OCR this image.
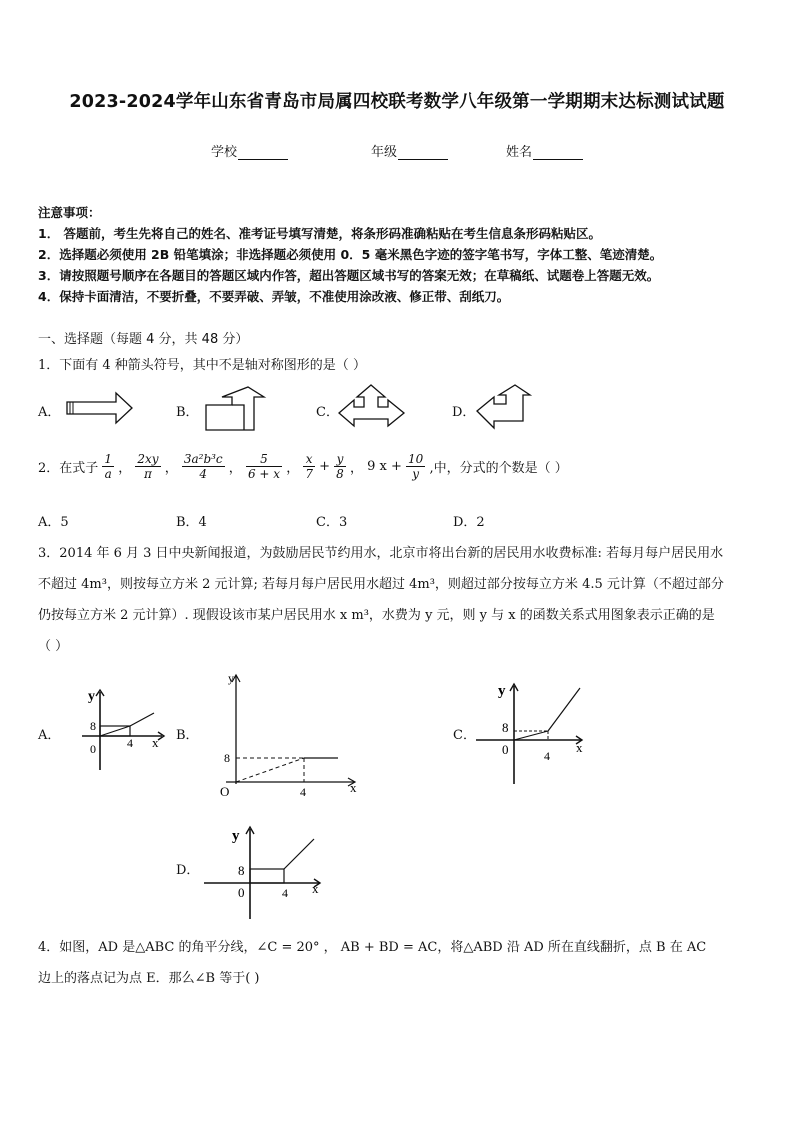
2023-2024学年山东省青岛市局属四校联考数学八年级第一学期期末达标测试试题
学校	年级	姓名
注意事项：
1． 答题前，考生先将自己的姓名、准考证号填写清楚，将条形码准确粘贴在考生信息条形码粘贴区。
2．选择题必须使用 2B 铅笔填涂；非选择题必须使用 0．5 毫米黑色字迹的签字笔书写，字体工整、笔迹清楚。
3．请按照题号顺序在各题目的答题区域内作答，超出答题区域书写的答案无效；在草稿纸、试题卷上答题无效。
4．保持卡面清洁，不要折叠，不要弄破、弄皱，不准使用涂改液、修正带、刮纸刀。
一、选择题（每题 4 分，共 48 分）
1．下面有 4 种箭头符号，其中不是轴对称图形的是（ ）
A．	B．	C．	D．
2．在式子 $\frac{1}{a}$ ， $\frac{2xy}{\pi}$ ， $\frac{\text{3a²b³c}}{4}$ ， $\frac{5}{6 + x}$ ， $\frac{x}{7} + \frac{y}{8}$ ， 9 $x + \frac{10}{y}$ ,中，分式的个数是（ ）
A．5	B．4	C．3	D．2
3．2014 年 6 月 3 日中央新闻报道，为鼓励居民节约用水，北京市将出台新的居民用水收费标准: 若每月每户居民用水
不超过 4m³，则按每立方米 2 元计算; 若每月每户居民用水超过 4m³，则超过部分按每立方米 4.5 元计算（不超过部分
仍按每立方米 2 元计算）. 现假设该市某户居民用水 x m³，水费为 y 元，则 y 与 x 的函数关系式用图象表示正确的是
（ ）
A．
y
8
0	4 x B．
y
8
O	4	x
C．
y
8
0	4
x
D．
y
8
0	4 x
4．如图，AD 是△ABC 的角平分线，∠C = 20° ， AB + BD = AC，将△ABD 沿 AD 所在直线翻折，点 B 在 AC
边上的落点记为点 E．那么∠B 等于( )
